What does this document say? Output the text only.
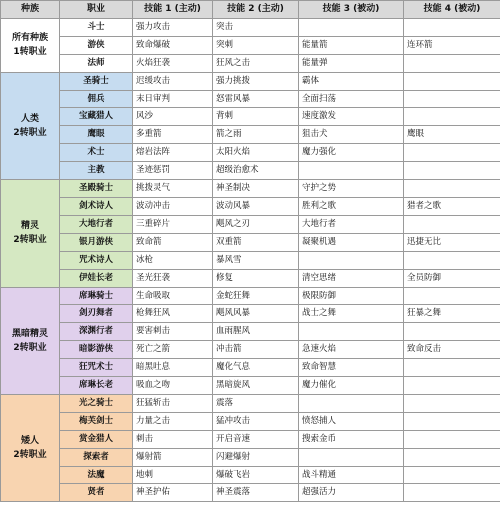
种族	职业	技能 1 (主动)	技能 2 (主动)	技能 3 (被动)	技能 4 (被动)

所有种族
1转职业	斗士	强力攻击	突击		
	游侠	致命爆破	突刺	能量箭	连环箭
	法师	火焰狂袭	狂风之击	能量弹	

人类
2转职业	圣骑士	迟缓攻击	强力挑拨	霸体	
	佣兵	末日审判	怒雷风暴	全面扫荡	
	宝藏猎人	风沙	背刺	速度激发	
	鹰眼	多重箭	箭之雨	狙击犬	鹰眼
	术士	熔岩法阵	太阳火焰	魔力强化	
	主教	圣迹惩罚	超级治愈术		

精灵
2转职业	圣殿骑士	挑拨灵气	神圣制决	守护之势	
	剑术诗人	波动冲击	波动风暴	胜利之歌	猎者之歌
	大地行者	三重碎片	飓风之刃	大地行者	
	银月游侠	致命箭	双重箭	凝聚机遇	迅捷无比
	咒术诗人	冰枪	暴风雪		
	伊娃长老	圣光狂袭	修复	清空思绪	全员防御

黑暗精灵
2转职业	席琳骑士	生命吸取	金蛇狂舞	极限防御	
	剑刃舞者	枪舞狂风	飓风风暴	战士之舞	狂暴之舞
	深渊行者	要害刺击	血雨腥风		
	暗影游侠	死亡之箭	冲击箭	急速火焰	致命反击
	狂咒术士	暗黑吐息	魔化气息	致命智慧	
	席琳长老	吸血之吻	黑暗旋风	魔力催化	

矮人
2转职业	光之骑士	狂猛斩击	震落		
	梅芙剑士	力量之击	猛冲攻击	愤怒捕人	
	赏金猎人	刺击	开启音速	搜索金币	
	探索者	爆射箭	闪避爆射		
	法魔	地刺	爆破飞岩	战斗精通	
	贤者	神圣护佑	神圣震落	超强活力	
